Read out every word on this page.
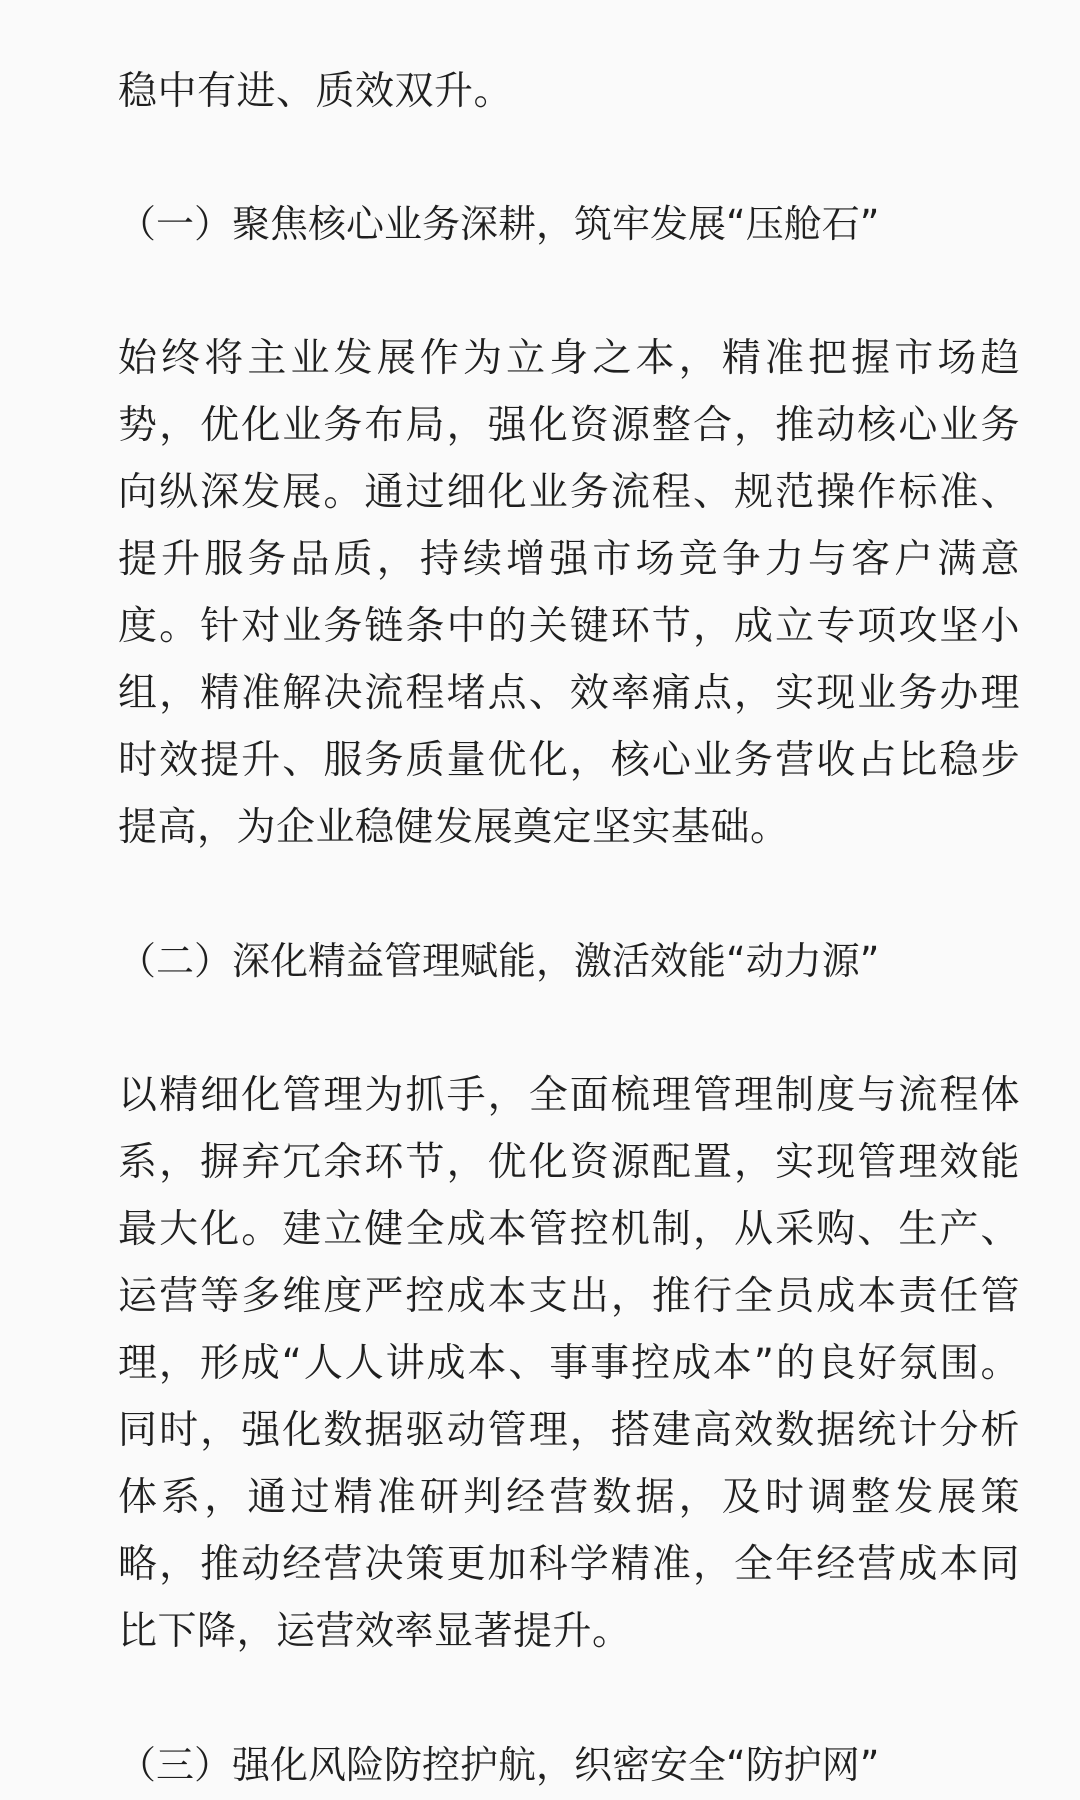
稳中有进、质效双升。

（一）聚焦核心业务深耕，筑牢发展“压舱石”

始终将主业发展作为立身之本，精准把握市场趋势，优化业务布局，强化资源整合，推动核心业务向纵深发展。通过细化业务流程、规范操作标准、提升服务品质，持续增强市场竞争力与客户满意度。针对业务链条中的关键环节，成立专项攻坚小组，精准解决流程堵点、效率痛点，实现业务办理时效提升、服务质量优化，核心业务营收占比稳步提高，为企业稳健发展奠定坚实基础。

（二）深化精益管理赋能，激活效能“动力源”

以精细化管理为抓手，全面梳理管理制度与流程体系，摒弃冗余环节，优化资源配置，实现管理效能最大化。建立健全成本管控机制，从采购、生产、运营等多维度严控成本支出，推行全员成本责任管理，形成“人人讲成本、事事控成本”的良好氛围。同时，强化数据驱动管理，搭建高效数据统计分析体系，通过精准研判经营数据，及时调整发展策略，推动经营决策更加科学精准，全年经营成本同比下降，运营效率显著提升。

（三）强化风险防控护航，织密安全“防护网”
